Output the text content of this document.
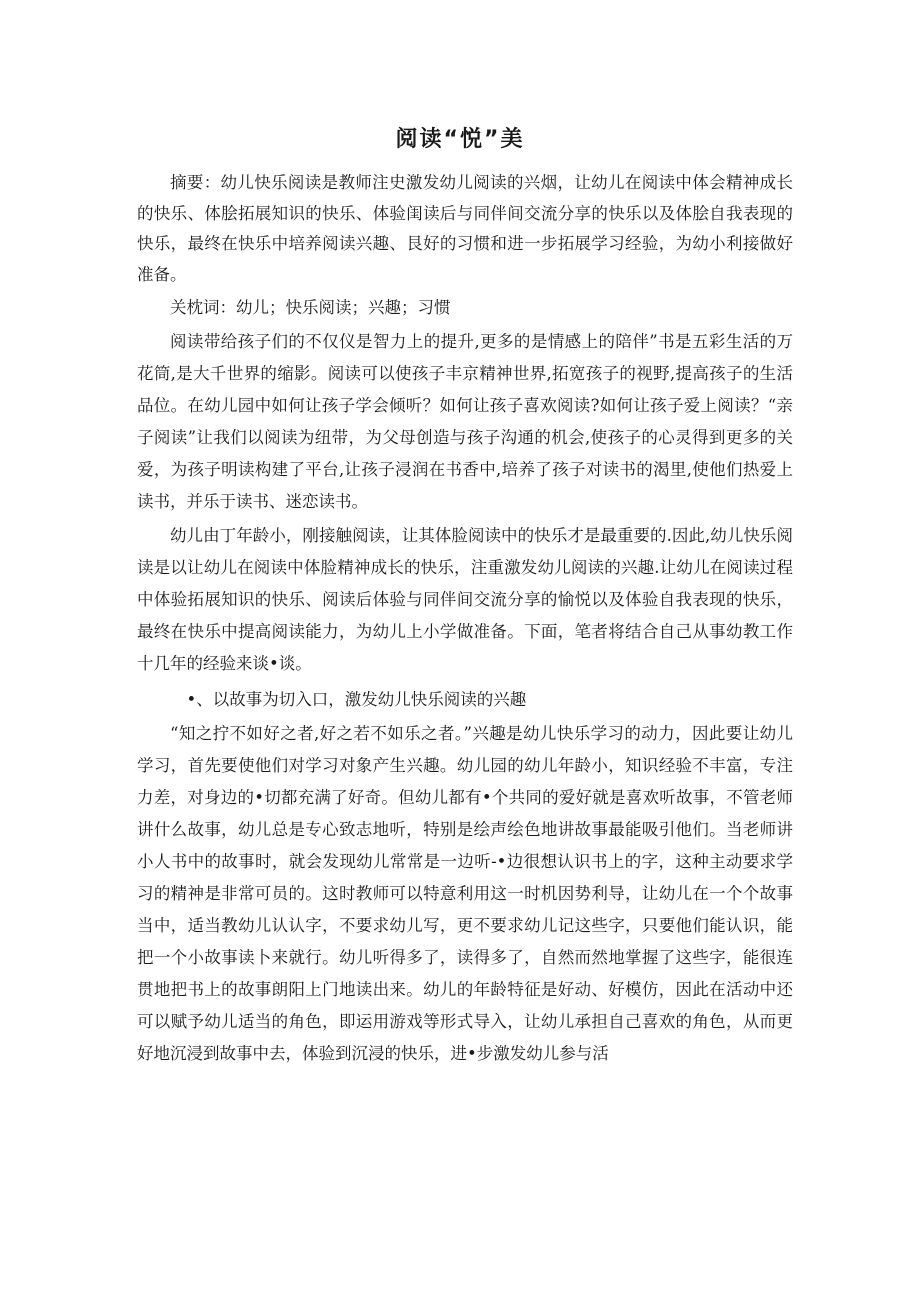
阅读“悦”美

摘要：幼儿快乐阅读是教师注史激发幼儿阅读的兴烟，让幼儿在阅读中体会精神成长的快乐、体脍拓展知识的快乐、体验闺读后与同伴间交流分享的快乐以及体脍自我表现的快乐，最终在快乐中培养阅读兴趣、艮好的习惯和进一步拓展学习经验，为幼小利接做好准备。

关枕词：幼儿；快乐阅读；兴趣；习惯

阅读带给孩子们的不仅仪是智力上的提升,更多的是情感上的陪伴”书是五彩生活的万花筒,是大千世界的缩影。阅读可以使孩子丰京精神世界,拓宽孩子的视野,提高孩子的生活品位。在幼儿园中如何让孩子学会倾听？如何让孩子喜欢阅读?如何让孩子爱上阅读？“亲子阅读”让我们以阅读为纽带，为父母创造与孩子沟通的机会,使孩子的心灵得到更多的关爱，为孩子明读构建了平台,让孩子浸润在书香中,培养了孩子对读书的渴里,使他们热爱上读书，并乐于读书、迷恋读书。

幼儿由丁年龄小，刚接触阅读，让其体脸阅读中的快乐才是最重要的.因此,幼儿快乐阅读是以让幼儿在阅读中体脸精神成长的快乐，注重激发幼儿阅读的兴趣.让幼儿在阅读过程中体验拓展知识的快乐、阅读后体验与同伴间交流分享的愉悦以及体验自我表现的快乐，最终在快乐中提高阅读能力，为幼儿上小学做准备。下面，笔者将结合自己从事幼教工作十几年的经验来谈•谈。

•、以故事为切入口，激发幼儿快乐阅读的兴趣

“知之拧不如好之者,好之若不如乐之者。”兴趣是幼儿快乐学习的动力，因此要让幼儿学习，首先要使他们对学习对象产生兴趣。幼儿园的幼儿年龄小，知识经验不丰富，专注力差，对身边的•切都充满了好奇。但幼儿都有•个共同的爱好就是喜欢听故事，不管老师讲什么故事，幼儿总是专心致志地听，特别是绘声绘色地讲故事最能吸引他们。当老师讲小人书中的故事时，就会发现幼儿常常是一边听-•边很想认识书上的字，这种主动要求学习的精神是非常可员的。这时教师可以特意利用这一时机因势利导，让幼儿在一个个故事当中，适当教幼儿认认字，不要求幼儿写，更不要求幼儿记这些字，只要他们能认识，能把一个小故事读卜来就行。幼儿听得多了，读得多了，自然而然地掌握了这些字，能很连贯地把书上的故事朗阳上门地读出来。幼儿的年龄特征是好动、好模仿，因此在活动中还可以赋予幼儿适当的角色，即运用游戏等形式导入，让幼儿承担自己喜欢的角色，从而更好地沉浸到故事中去，体验到沉浸的快乐，进•步激发幼儿参与活
